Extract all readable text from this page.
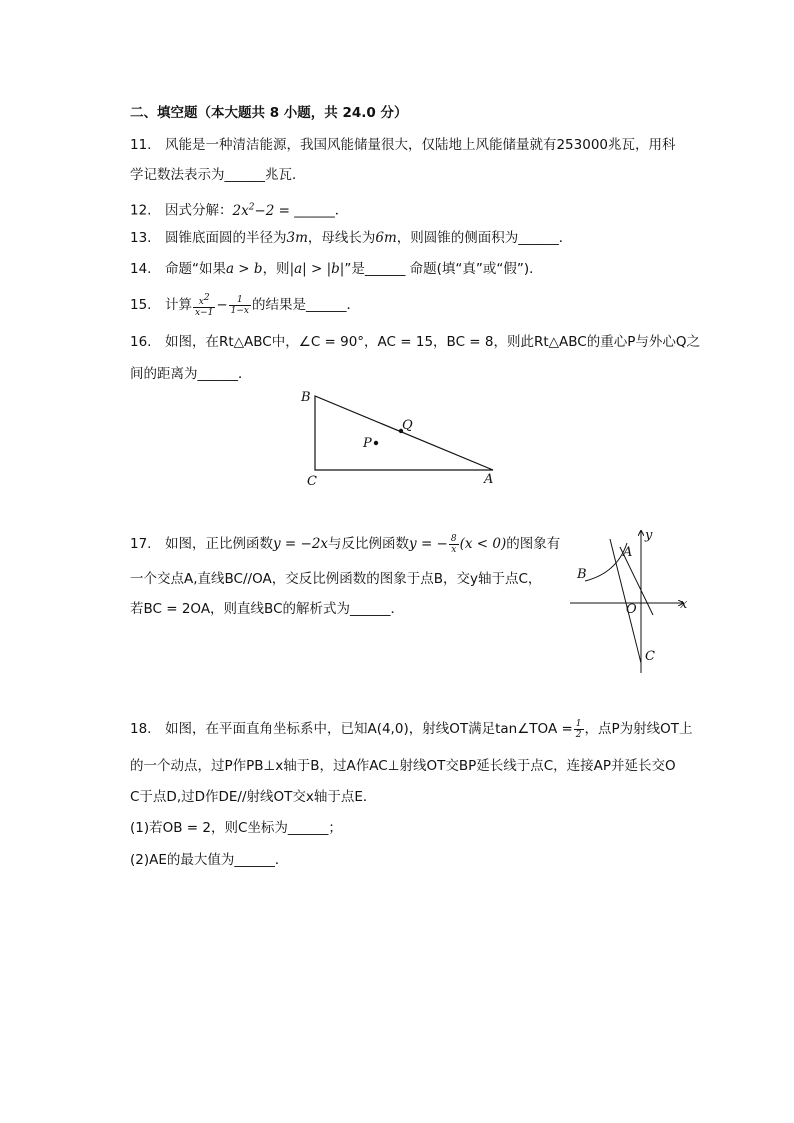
二、填空题（本大题共 8 小题，共 24.0 分）
11.　风能是一种清洁能源，我国风能储量很大，仅陆地上风能储量就有253000兆瓦，用科
学记数法表示为______兆瓦．
12.　因式分解：$2x^2-2$ = ______．
13.　圆锥底面圆的半径为3m，母线长为6m，则圆锥的侧面积为______．
14.　命题“如果a > b，则|a| > |b|”是______ 命题(填“真”或“假”)．
15.　计算 $\frac{x^2}{x-1} - \frac{1}{1-x}$ 的结果是______．
16.　如图，在Rt△ABC中，∠C = 90°，AC = 15，BC = 8，则此Rt△ABC的重心P与外心Q之
间的距离为______．
B
C	A
P
Q
17.　如图，正比例函数y = −2x与反比例函数y = − $\frac{8}{x} (x < 0)$的图象有
一个交点A,直线BC//OA，交反比例函数的图象于点B，交y轴于点C，
若BC = 2OA，则直线BC的解析式为______．
y
x
O
A
B
C
18.　如图，在平面直角坐标系中，已知A(4,0)，射线OT满足tan∠TOA = $\frac{1}{2}$ ，点P为射线OT上
的一个动点，过P作PB⊥x轴于B，过A作AC⊥射线OT交BP延长线于点C，连接AP并延长交O
C于点D,过D作DE//射线OT交x轴于点E．
(1)若OB = 2，则C坐标为______；
(2)AE的最大值为______．
